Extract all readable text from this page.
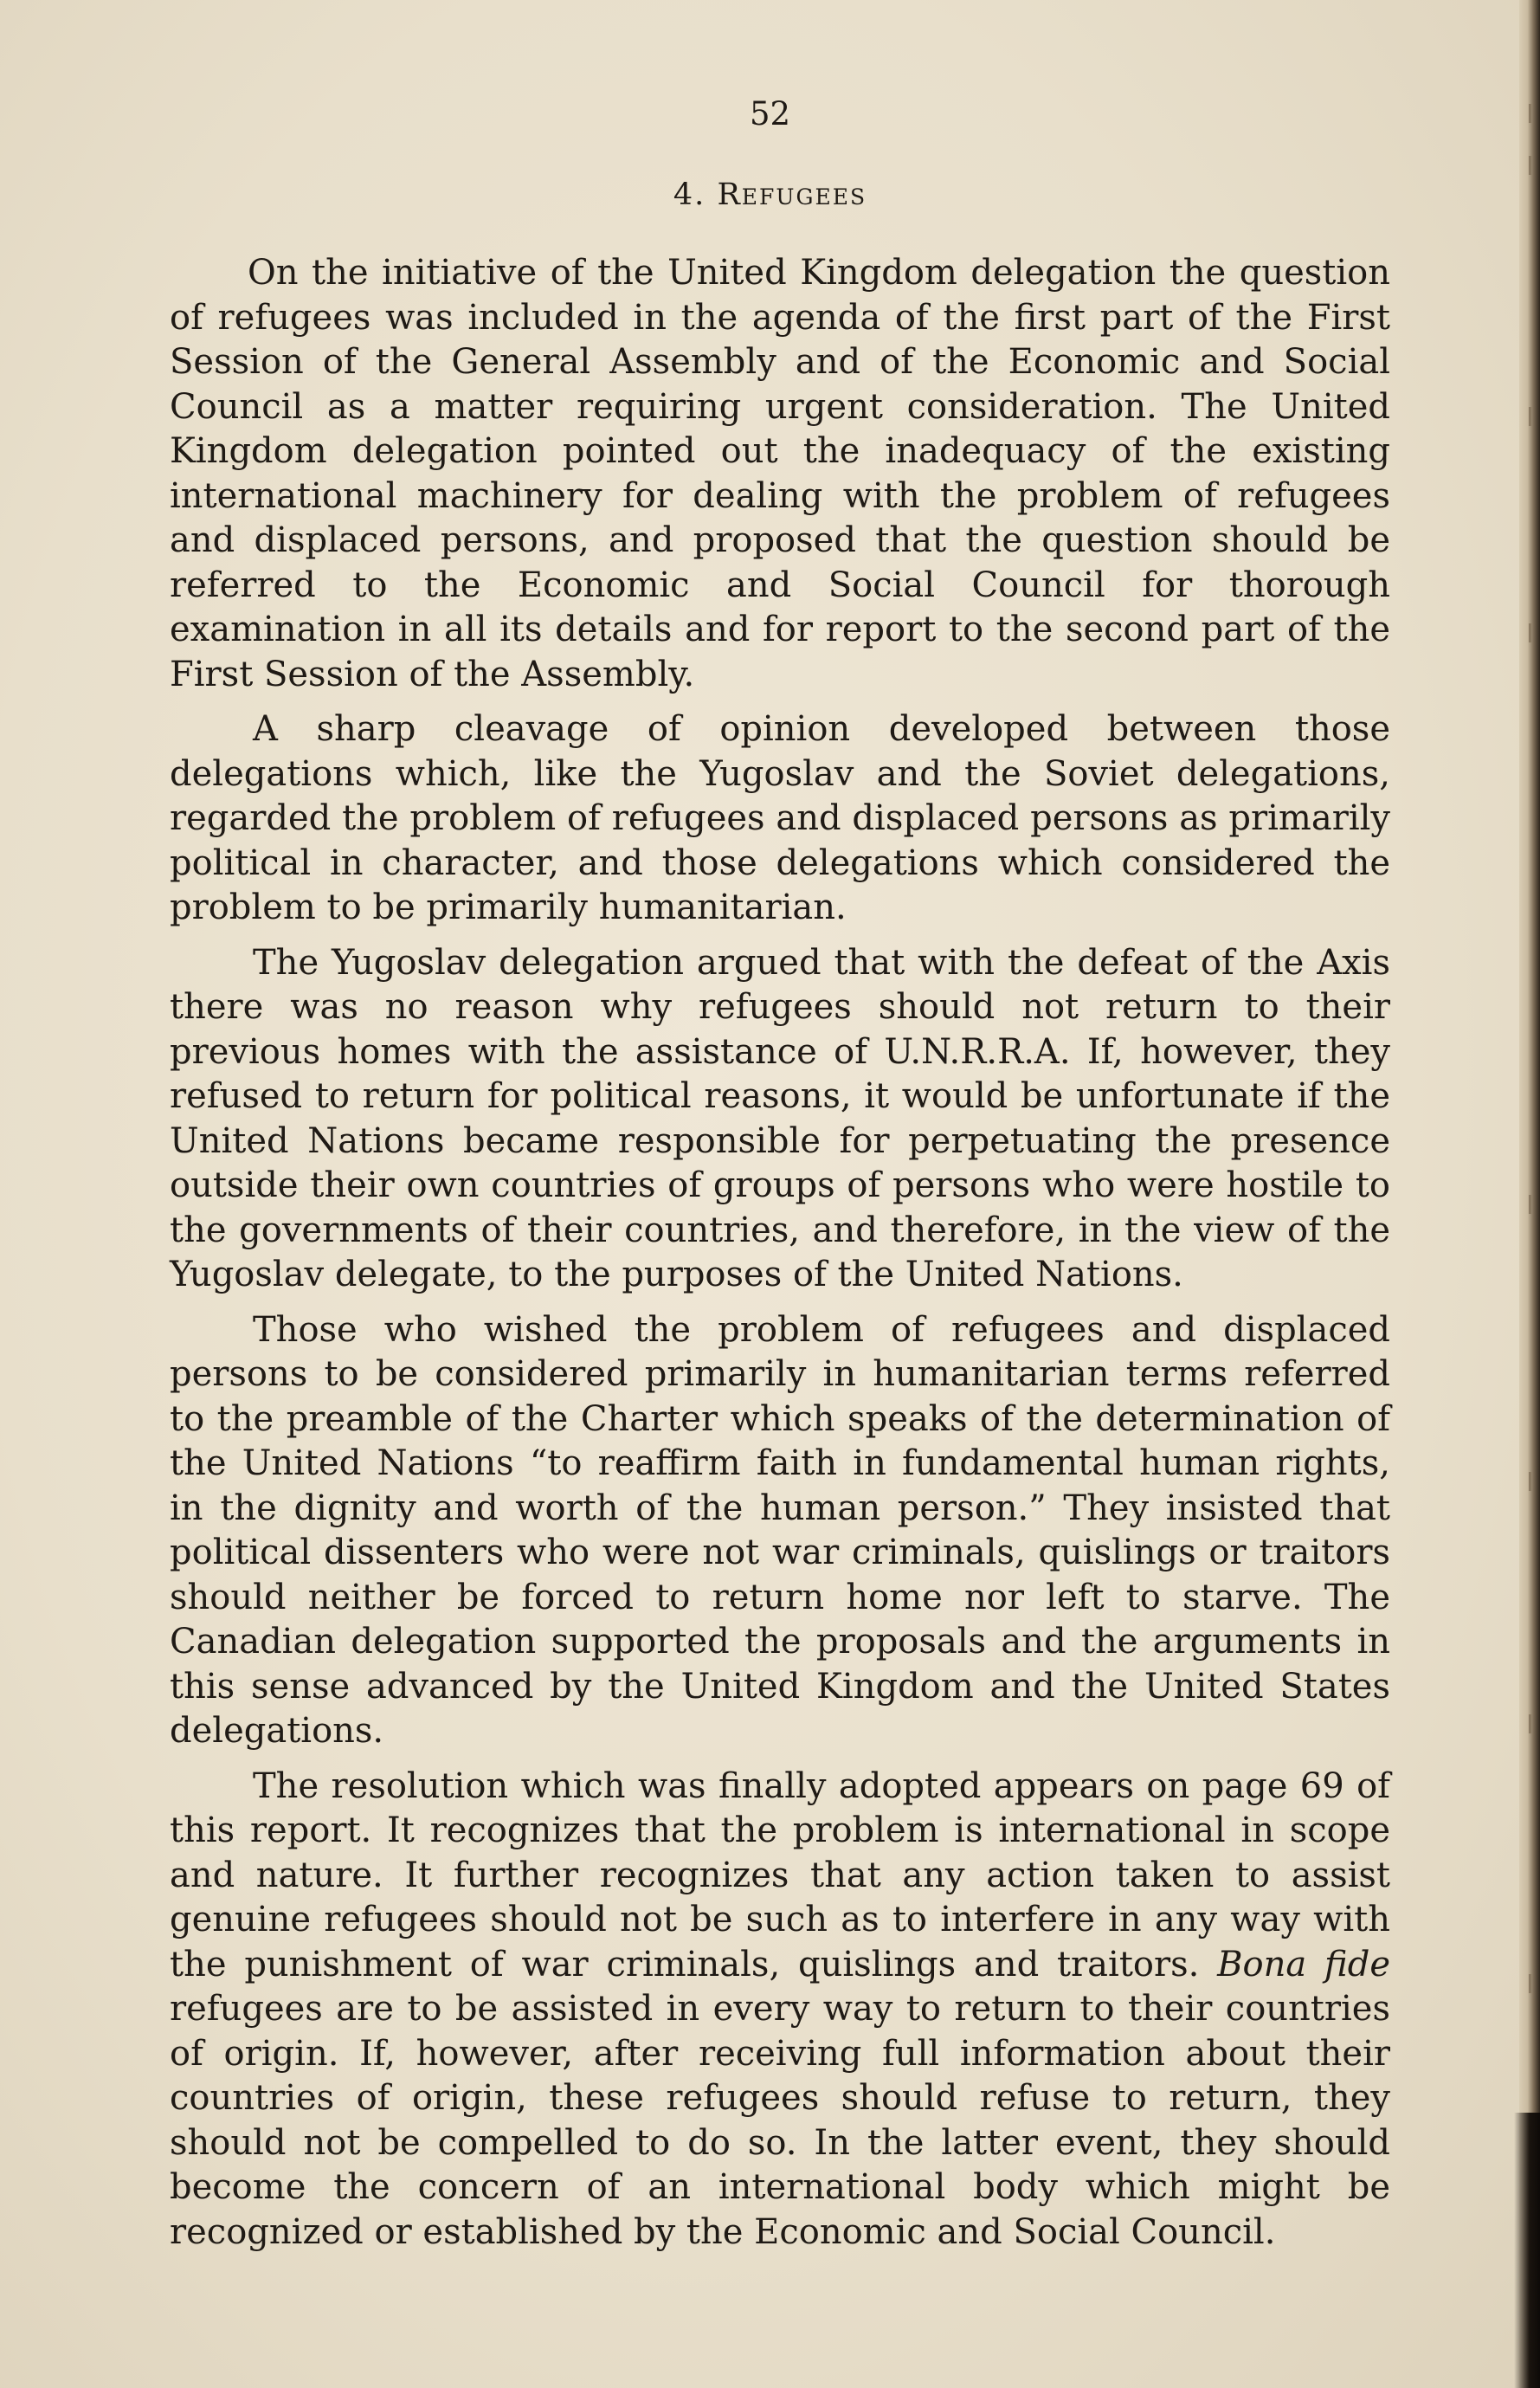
52
4. Refugees

On the initiative of the United Kingdom delegation the question of refugees was included in the agenda of the first part of the First Session of the General Assembly and of the Economic and Social Council as a matter requiring urgent consideration. The United Kingdom delegation pointed out the inadequacy of the existing international machinery for dealing with the problem of refugees and displaced persons, and proposed that the question should be referred to the Economic and Social Council for thorough examination in all its details and for report to the second part of the First Session of the Assembly.

A sharp cleavage of opinion developed between those delegations which, like the Yugoslav and the Soviet delegations, regarded the problem of refugees and displaced persons as primarily political in character, and those delegations which considered the problem to be primarily humanitarian.

The Yugoslav delegation argued that with the defeat of the Axis there was no reason why refugees should not return to their previous homes with the assistance of U.N.R.R.A. If, however, they refused to return for political reasons, it would be unfortunate if the United Nations became responsible for perpetuating the presence outside their own countries of groups of persons who were hostile to the governments of their countries, and therefore, in the view of the Yugoslav delegate, to the purposes of the United Nations.

Those who wished the problem of refugees and displaced persons to be considered primarily in humanitarian terms referred to the preamble of the Charter which speaks of the determination of the United Nations “to reaffirm faith in fundamental human rights, in the dignity and worth of the human person.” They insisted that political dissenters who were not war criminals, quislings or traitors should neither be forced to return home nor left to starve. The Canadian delegation supported the proposals and the arguments in this sense advanced by the United Kingdom and the United States delegations.

The resolution which was finally adopted appears on page 69 of this report. It recognizes that the problem is international in scope and nature. It further recognizes that any action taken to assist genuine refugees should not be such as to interfere in any way with the punishment of war criminals, quislings and traitors. Bona fide refugees are to be assisted in every way to return to their countries of origin. If, however, after receiving full information about their countries of origin, these refugees should refuse to return, they should not be compelled to do so. In the latter event, they should become the concern of an international body which might be recognized or established by the Economic and Social Council.
